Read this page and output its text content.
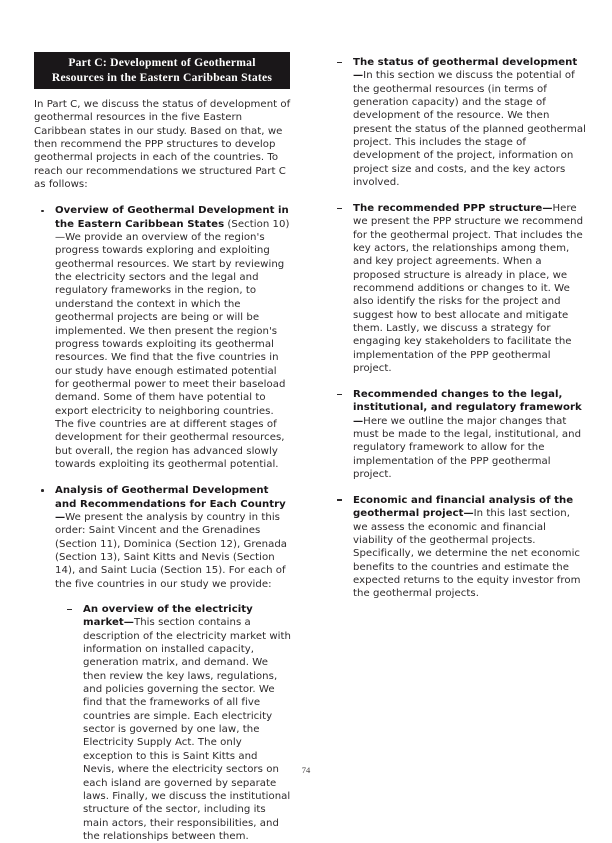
Part C: Development of Geothermal Resources in the Eastern Caribbean States

In Part C, we discuss the status of development of geothermal resources in the five Eastern Caribbean states in our study. Based on that, we then recommend the PPP structures to develop geothermal projects in each of the countries. To reach our recommendations we structured Part C as follows:

Overview of Geothermal Development in the Eastern Caribbean States (Section 10)—We provide an overview of the region's progress towards exploring and exploiting geothermal resources. We start by reviewing the electricity sectors and the legal and regulatory frameworks in the region, to understand the context in which the geothermal projects are being or will be implemented. We then present the region's progress towards exploiting its geothermal resources. We find that the five countries in our study have enough estimated potential for geothermal power to meet their baseload demand. Some of them have potential to export electricity to neighboring countries. The five countries are at different stages of development for their geothermal resources, but overall, the region has advanced slowly towards exploiting its geothermal potential.

Analysis of Geothermal Development and Recommendations for Each Country—We present the analysis by country in this order: Saint Vincent and the Grenadines (Section 11), Dominica (Section 12), Grenada (Section 13), Saint Kitts and Nevis (Section 14), and Saint Lucia (Section 15). For each of the five countries in our study we provide:

An overview of the electricity market—This section contains a description of the electricity market with information on installed capacity, generation matrix, and demand. We then review the key laws, regulations, and policies governing the sector. We find that the frameworks of all five countries are simple. Each electricity sector is governed by one law, the Electricity Supply Act. The only exception to this is Saint Kitts and Nevis, where the electricity sectors on each island are governed by separate laws. Finally, we discuss the institutional structure of the sector, including its main actors, their responsibilities, and the relationships between them.

The status of geothermal development—In this section we discuss the potential of the geothermal resources (in terms of generation capacity) and the stage of development of the resource. We then present the status of the planned geothermal project. This includes the stage of development of the project, information on project size and costs, and the key actors involved.

The recommended PPP structure—Here we present the PPP structure we recommend for the geothermal project. That includes the key actors, the relationships among them, and key project agreements. When a proposed structure is already in place, we recommend additions or changes to it. We also identify the risks for the project and suggest how to best allocate and mitigate them. Lastly, we discuss a strategy for engaging key stakeholders to facilitate the implementation of the PPP geothermal project.

Recommended changes to the legal, institutional, and regulatory framework—Here we outline the major changes that must be made to the legal, institutional, and regulatory framework to allow for the implementation of the PPP geothermal project.

Economic and financial analysis of the geothermal project—In this last section, we assess the economic and financial viability of the geothermal projects. Specifically, we determine the net economic benefits to the countries and estimate the expected returns to the equity investor from the geothermal projects.

74
